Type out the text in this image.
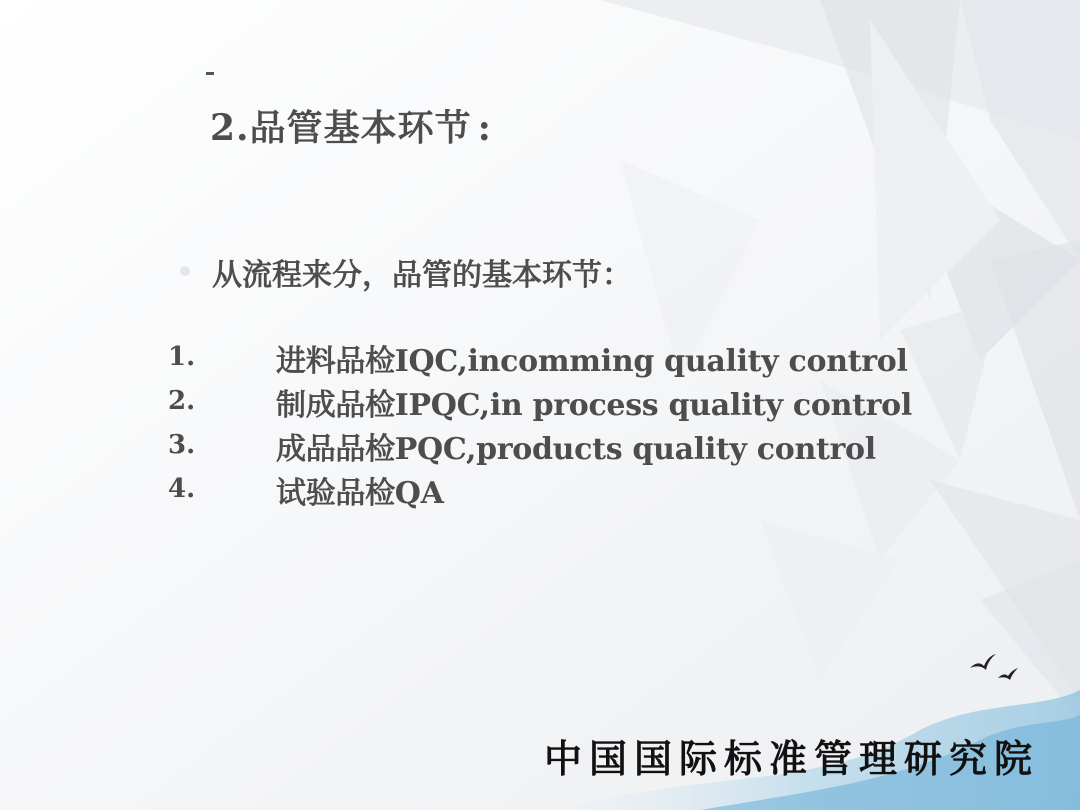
2.品管基本环节 :
从流程来分，品管的基本环节：
1.	进料品检IQC,incomming quality control
2.	制成品检IPQC,in process quality control
3.	成品品检PQC,products quality control
4.	试验品检QA
中国国际标准管理研究院
